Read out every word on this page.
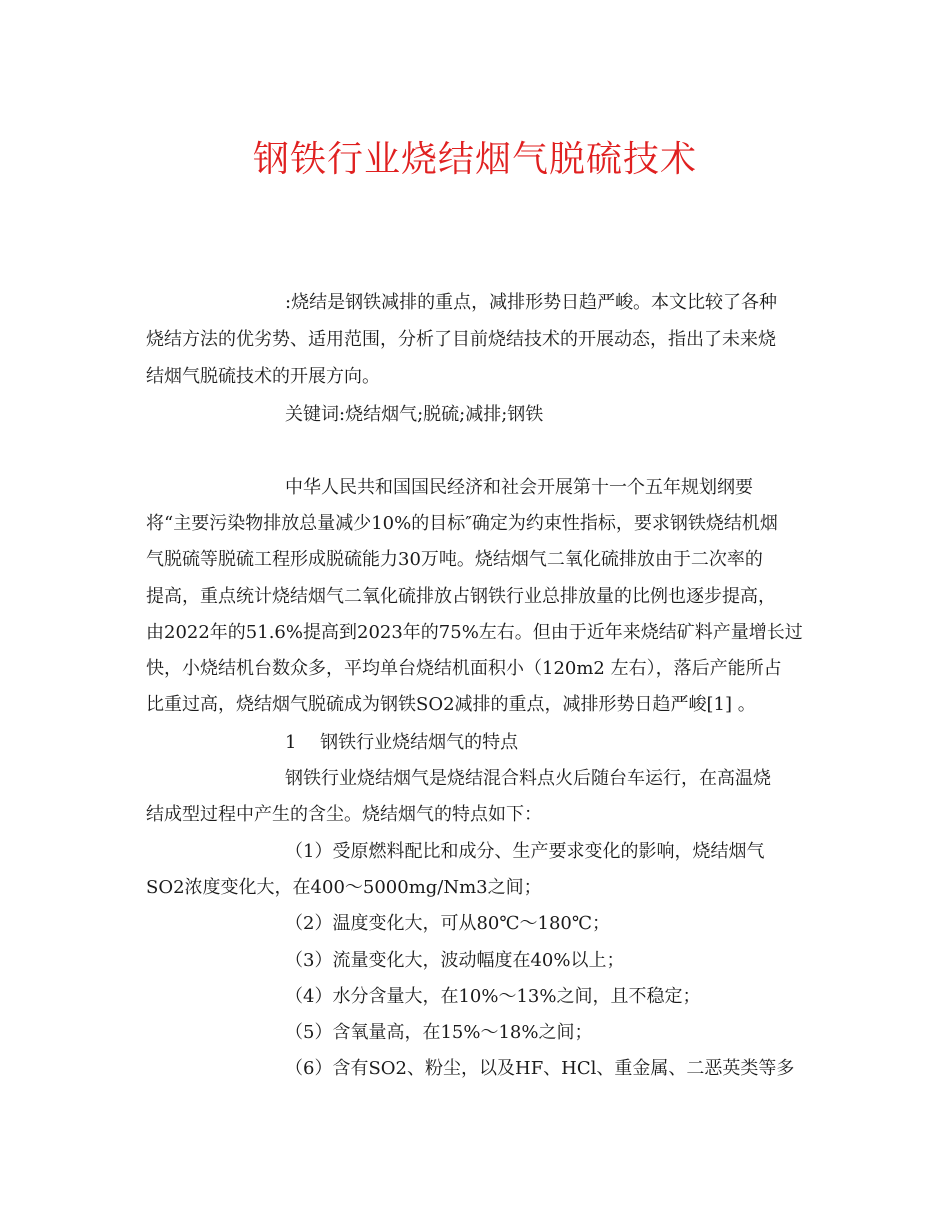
钢铁行业烧结烟气脱硫技术
:烧结是钢铁减排的重点，减排形势日趋严峻。本文比较了各种
烧结方法的优劣势、适用范围，分析了目前烧结技术的开展动态，指出了未来烧
结烟气脱硫技术的开展方向。
关键词:烧结烟气;脱硫;减排;钢铁
中华人民共和国国民经济和社会开展第十一个五年规划纲要
将“主要污染物排放总量减少10%的目标″确定为约束性指标，要求钢铁烧结机烟
气脱硫等脱硫工程形成脱硫能力30万吨。烧结烟气二氧化硫排放由于二次率的
提高，重点统计烧结烟气二氧化硫排放占钢铁行业总排放量的比例也逐步提高，
由2022年的51.6%提高到2023年的75%左右。但由于近年来烧结矿料产量增长过
快，小烧结机台数众多，平均单台烧结机面积小（120m2 左右），落后产能所占
比重过高，烧结烟气脱硫成为钢铁SO2减排的重点，减排形势日趋严峻[1] 。
1　 钢铁行业烧结烟气的特点
钢铁行业烧结烟气是烧结混合料点火后随台车运行，在高温烧
结成型过程中产生的含尘。烧结烟气的特点如下：
（1）受原燃料配比和成分、生产要求变化的影响，烧结烟气
SO2浓度变化大，在400～5000mg/Nm3之间；
（2）温度变化大，可从80℃～180℃；
（3）流量变化大，波动幅度在40%以上；
（4）水分含量大，在10%～13%之间，且不稳定；
（5）含氧量高，在15%～18%之间；
（6）含有SO2、粉尘，以及HF、HCl、重金属、二恶英类等多
